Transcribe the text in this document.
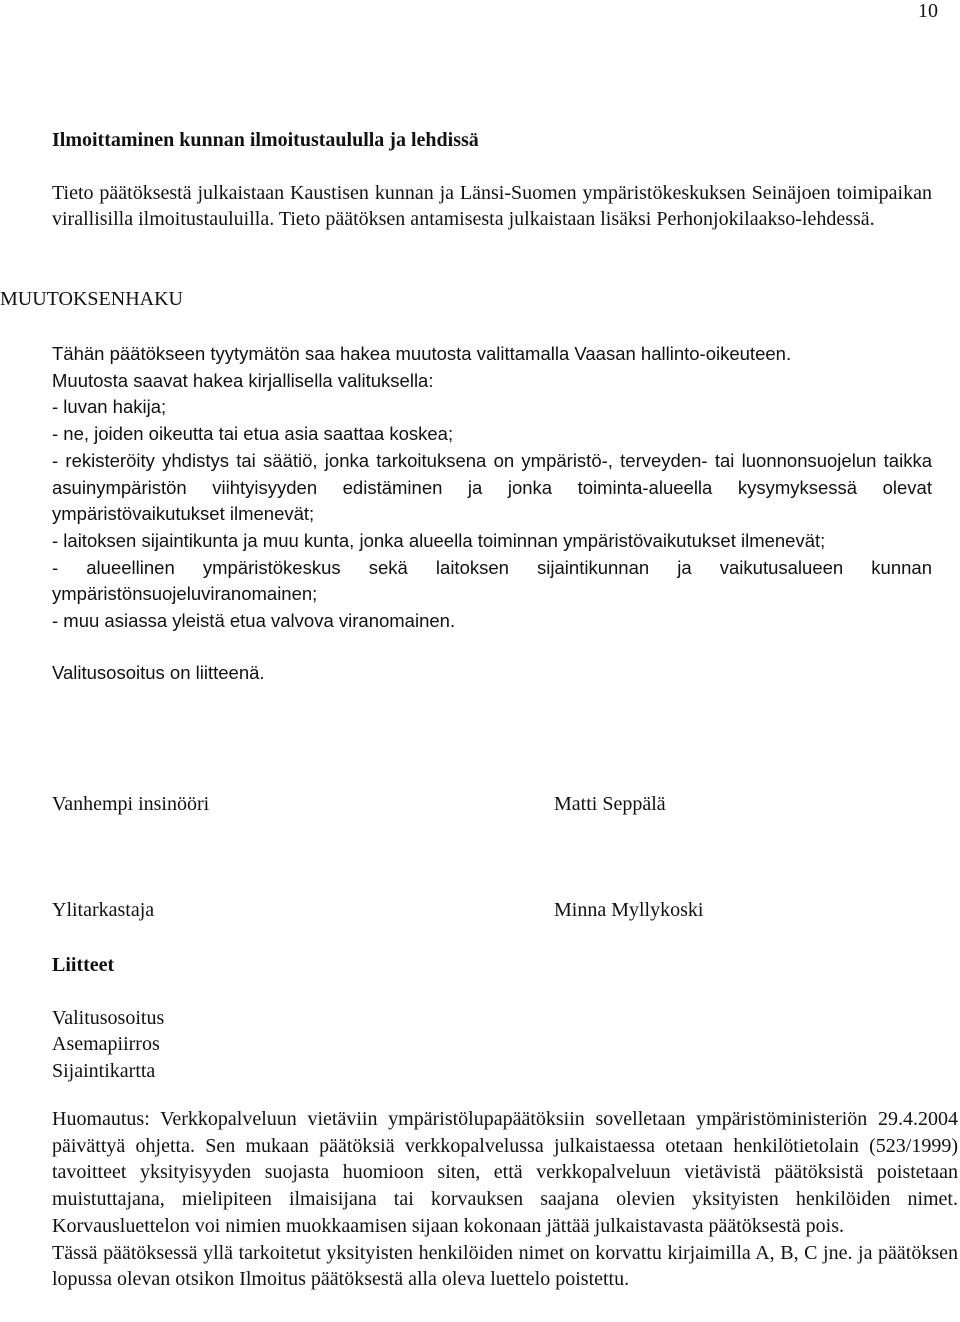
10

Ilmoittaminen kunnan ilmoitustaululla ja lehdissä

Tieto päätöksestä julkaistaan Kaustisen kunnan ja Länsi-Suomen ympäristökeskuksen Seinäjoen toimipaikan virallisilla ilmoitustauluilla. Tieto päätöksen antamisesta julkaistaan lisäksi Perhonjokilaakso-lehdessä.

MUUTOKSENHAKU

Tähän päätökseen tyytymätön saa hakea muutosta valittamalla Vaasan hallinto-oikeuteen.

Muutosta saavat hakea kirjallisella valituksella:

- luvan hakija;

- ne, joiden oikeutta tai etua asia saattaa koskea;

- rekisteröity yhdistys tai säätiö, jonka tarkoituksena on ympäristö-, terveyden- tai luonnonsuojelun taikka asuinympäristön viihtyisyyden edistäminen ja jonka toiminta-alueella kysymyksessä olevat ympäristövaikutukset ilmenevät;

- laitoksen sijaintikunta ja muu kunta, jonka alueella toiminnan ympäristövaikutukset ilmenevät;

- alueellinen ympäristökeskus sekä laitoksen sijaintikunnan ja vaikutusalueen kunnan ympäristönsuojeluviranomainen;

- muu asiassa yleistä etua valvova viranomainen.

Valitusosoitus on liitteenä.

Vanhempi insinööri	Matti Seppälä
Ylitarkastaja	Minna Myllykoski

Liitteet

Valitusosoitus

Asemapiirros

Sijaintikartta

Huomautus: Verkkopalveluun vietäviin ympäristölupapäätöksiin sovelletaan ympäristöministeriön 29.4.2004 päivättyä ohjetta. Sen mukaan päätöksiä verkkopalvelussa julkaistaessa otetaan henkilötietolain (523/1999) tavoitteet yksityisyyden suojasta huomioon siten, että verkkopalveluun vietävistä päätöksistä poistetaan muistuttajana, mielipiteen ilmaisijana tai korvauksen saajana olevien yksityisten henkilöiden nimet. Korvausluettelon voi nimien muokkaamisen sijaan kokonaan jättää julkaistavasta päätöksestä pois.

Tässä päätöksessä yllä tarkoitetut yksityisten henkilöiden nimet on korvattu kirjaimilla A, B, C jne. ja päätöksen lopussa olevan otsikon Ilmoitus päätöksestä alla oleva luettelo poistettu.
